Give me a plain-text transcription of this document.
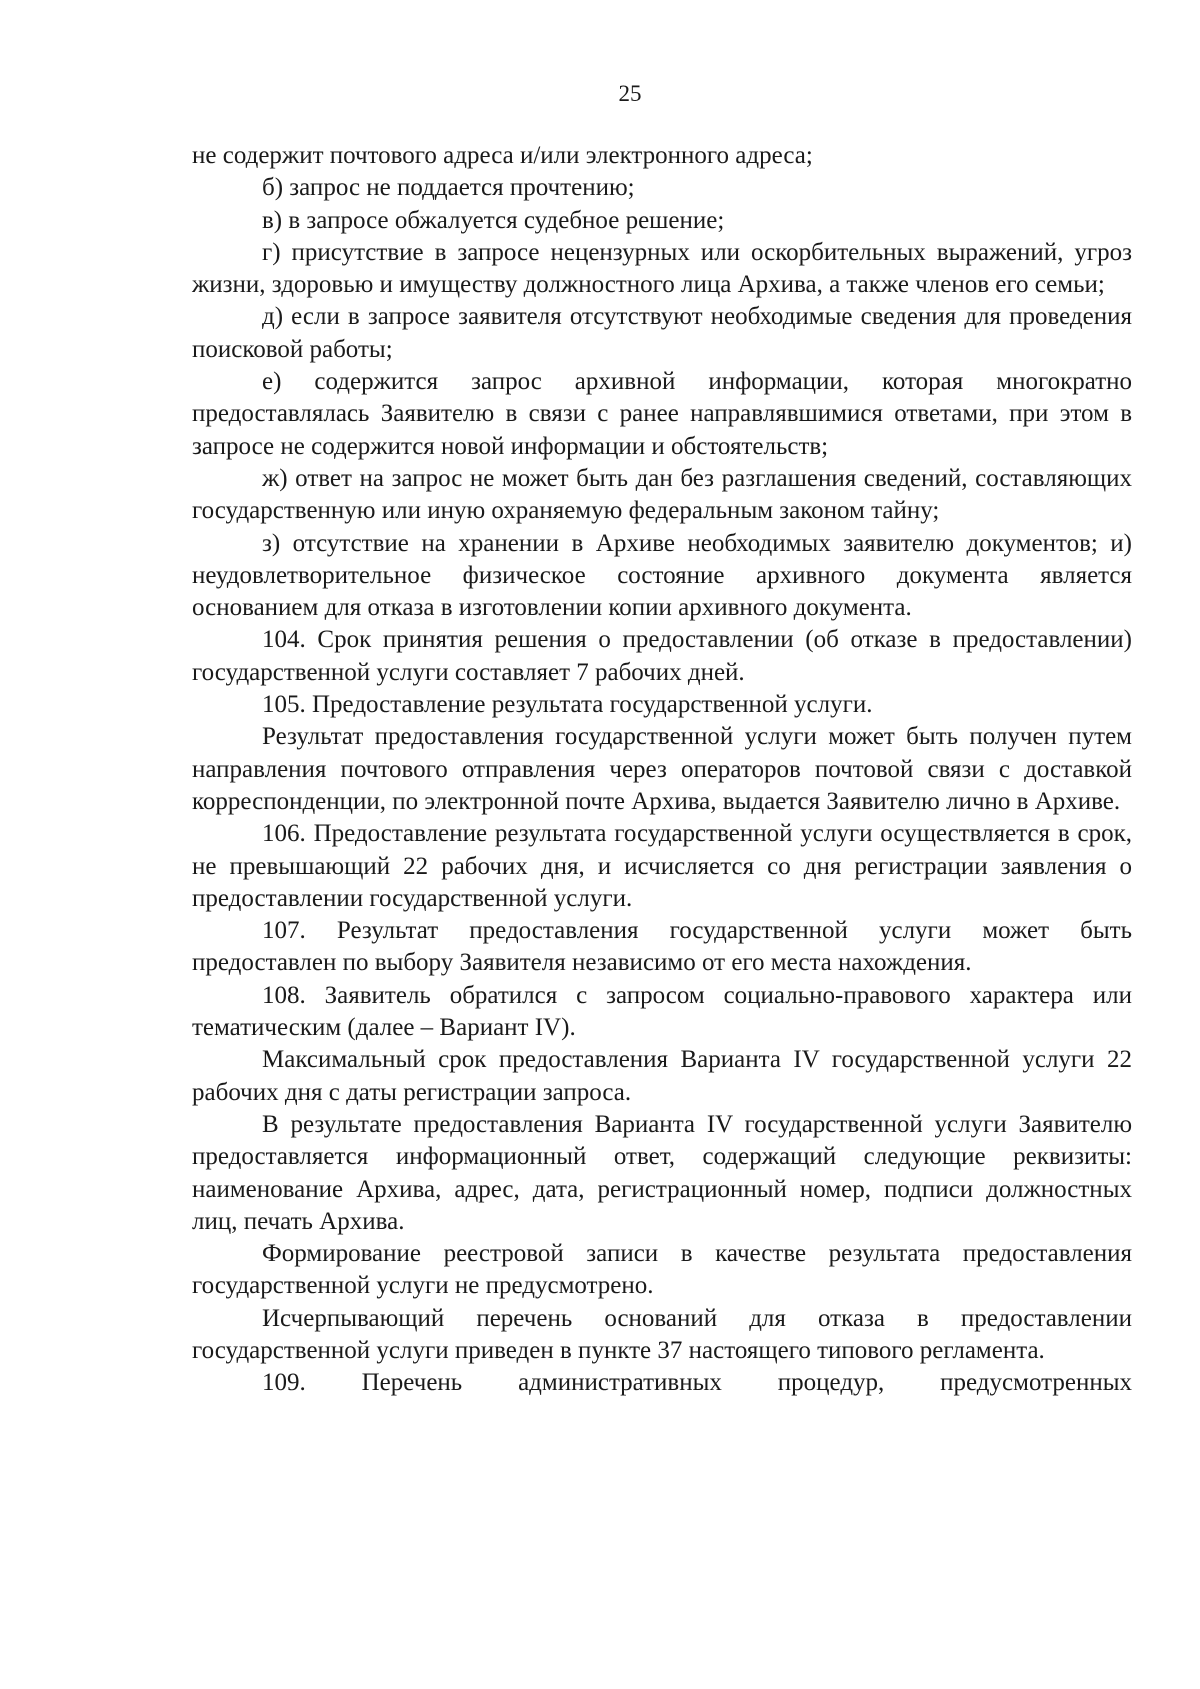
25

не содержит почтового адреса и/или электронного адреса;

б) запрос не поддается прочтению;

в) в запросе обжалуется судебное решение;

г) присутствие в запросе нецензурных или оскорбительных выражений, угроз жизни, здоровью и имуществу должностного лица Архива, а также членов его семьи;

д) если в запросе заявителя отсутствуют необходимые сведения для проведения поисковой работы;

е) содержится запрос архивной информации, которая многократно предоставлялась Заявителю в связи с ранее направлявшимися ответами, при этом в запросе не содержится новой информации и обстоятельств;

ж) ответ на запрос не может быть дан без разглашения сведений, составляющих государственную или иную охраняемую федеральным законом тайну;

з) отсутствие на хранении в Архиве необходимых заявителю документов; и) неудовлетворительное физическое состояние архивного документа является основанием для отказа в изготовлении копии архивного документа.

104. Срок принятия решения о предоставлении (об отказе в предоставлении) государственной услуги составляет 7 рабочих дней.

105. Предоставление результата государственной услуги.

Результат предоставления государственной услуги может быть получен путем направления почтового отправления через операторов почтовой связи с доставкой корреспонденции, по электронной почте Архива, выдается Заявителю лично в Архиве.

106. Предоставление результата государственной услуги осуществляется в срок, не превышающий 22 рабочих дня, и исчисляется со дня регистрации заявления о предоставлении государственной услуги.

107. Результат предоставления государственной услуги может быть предоставлен по выбору Заявителя независимо от его места нахождения.

108. Заявитель обратился с запросом социально-правового характера или тематическим (далее – Вариант IV).

Максимальный срок предоставления Варианта IV государственной услуги 22 рабочих дня с даты регистрации запроса.

В результате предоставления Варианта IV государственной услуги Заявителю предоставляется информационный ответ, содержащий следующие реквизиты: наименование Архива, адрес, дата, регистрационный номер, подписи должностных лиц, печать Архива.

Формирование реестровой записи в качестве результата предоставления государственной услуги не предусмотрено.

Исчерпывающий перечень оснований для отказа в предоставлении государственной услуги приведен в пункте 37 настоящего типового регламента.

109. Перечень административных процедур, предусмотренных
